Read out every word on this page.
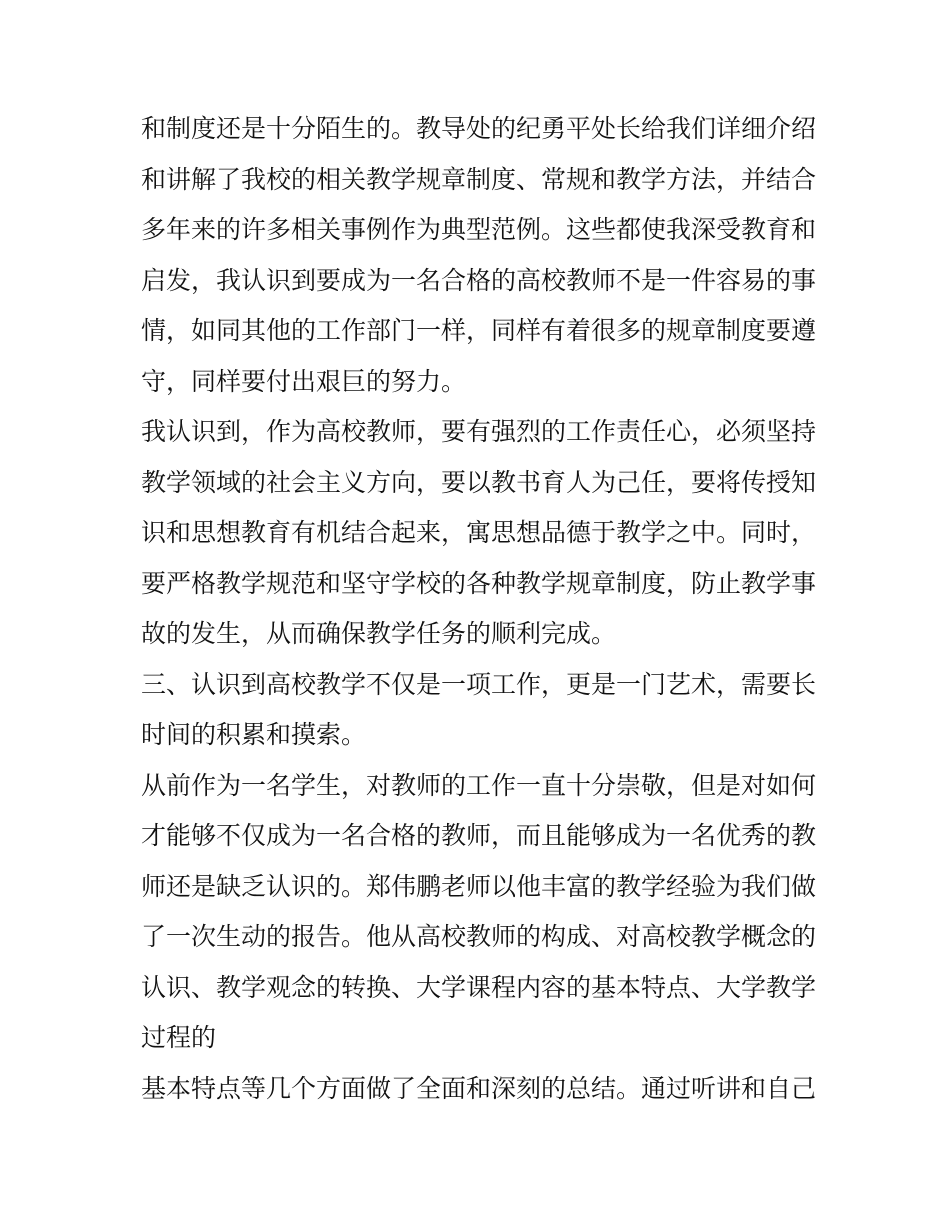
和制度还是十分陌生的。教导处的纪勇平处长给我们详细介绍
和讲解了我校的相关教学规章制度、常规和教学方法，并结合
多年来的许多相关事例作为典型范例。这些都使我深受教育和
启发，我认识到要成为一名合格的高校教师不是一件容易的事
情，如同其他的工作部门一样，同样有着很多的规章制度要遵
守，同样要付出艰巨的努力。
我认识到，作为高校教师，要有强烈的工作责任心，必须坚持
教学领域的社会主义方向，要以教书育人为己任，要将传授知
识和思想教育有机结合起来，寓思想品德于教学之中。同时，
要严格教学规范和坚守学校的各种教学规章制度，防止教学事
故的发生，从而确保教学任务的顺利完成。
三、认识到高校教学不仅是一项工作，更是一门艺术，需要长
时间的积累和摸索。
从前作为一名学生，对教师的工作一直十分崇敬，但是对如何
才能够不仅成为一名合格的教师，而且能够成为一名优秀的教
师还是缺乏认识的。郑伟鹏老师以他丰富的教学经验为我们做
了一次生动的报告。他从高校教师的构成、对高校教学概念的
认识、教学观念的转换、大学课程内容的基本特点、大学教学
过程的
基本特点等几个方面做了全面和深刻的总结。通过听讲和自己
